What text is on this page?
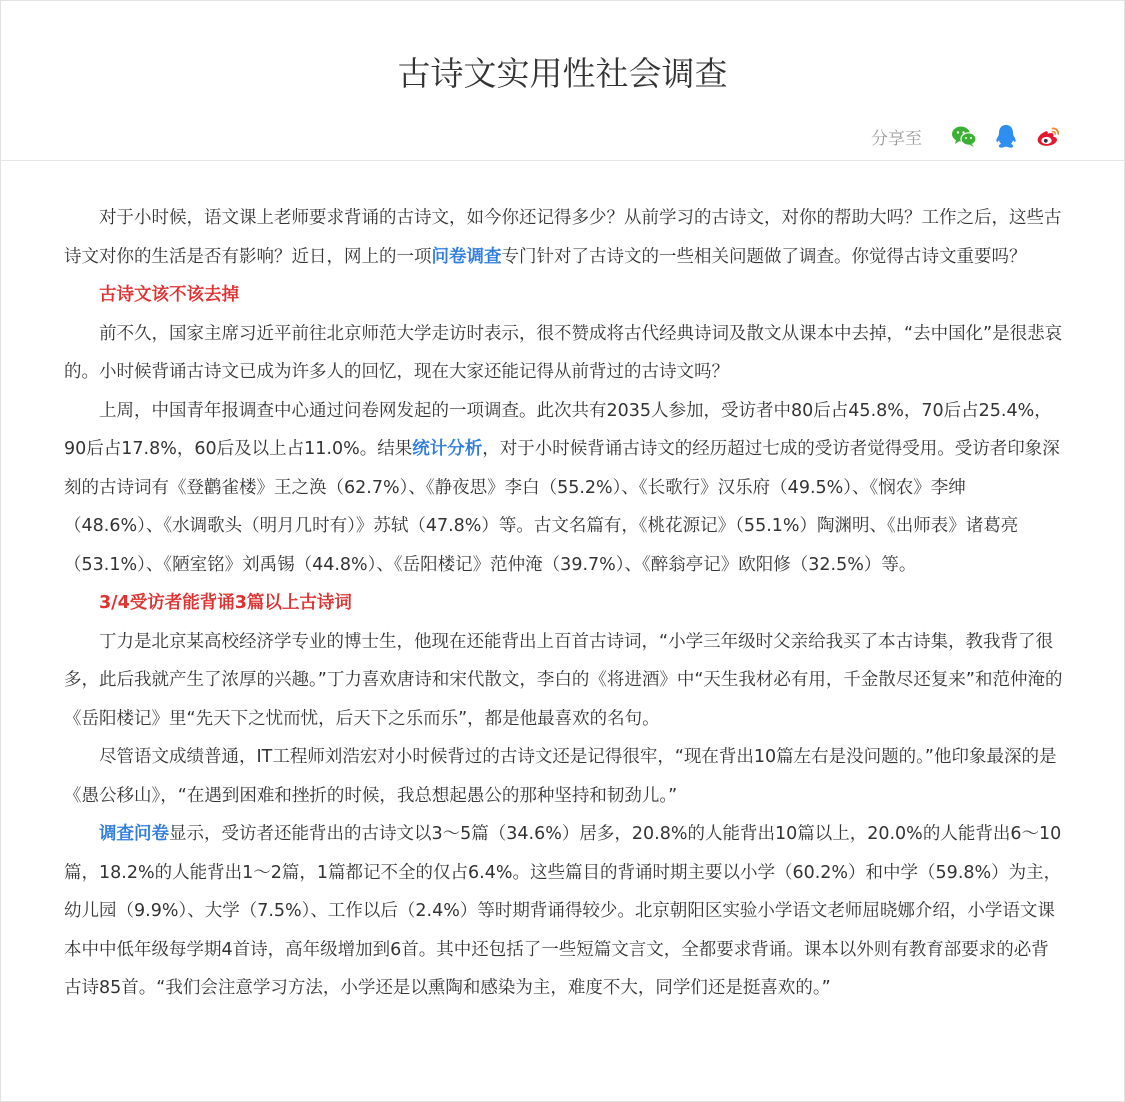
古诗文实用性社会调查
分享至

对于小时候，语文课上老师要求背诵的古诗文，如今你还记得多少？从前学习的古诗文，对你的帮助大吗？工作之后，这些古诗文对你的生活是否有影响？近日，网上的一项问卷调查专门针对了古诗文的一些相关问题做了调查。你觉得古诗文重要吗？

古诗文该不该去掉

前不久，国家主席习近平前往北京师范大学走访时表示，很不赞成将古代经典诗词及散文从课本中去掉，“去中国化”是很悲哀的。小时候背诵古诗文已成为许多人的回忆，现在大家还能记得从前背过的古诗文吗？

上周，中国青年报调查中心通过问卷网发起的一项调查。此次共有2035人参加，受访者中80后占45.8%，70后占25.4%，90后占17.8%，60后及以上占11.0%。结果统计分析，对于小时候背诵古诗文的经历超过七成的受访者觉得受用。受访者印象深刻的古诗词有《登鹳雀楼》王之涣（62.7%）、《静夜思》李白（55.2%）、《长歌行》汉乐府（49.5%）、《悯农》李绅（48.6%）、《水调歌头（明月几时有）》苏轼（47.8%）等。古文名篇有，《桃花源记》（55.1%）陶渊明、《出师表》诸葛亮（53.1%）、《陋室铭》刘禹锡（44.8%）、《岳阳楼记》范仲淹（39.7%）、《醉翁亭记》欧阳修（32.5%）等。

3/4受访者能背诵3篇以上古诗词

丁力是北京某高校经济学专业的博士生，他现在还能背出上百首古诗词，“小学三年级时父亲给我买了本古诗集，教我背了很多，此后我就产生了浓厚的兴趣。”丁力喜欢唐诗和宋代散文，李白的《将进酒》中“天生我材必有用，千金散尽还复来”和范仲淹的《岳阳楼记》里“先天下之忧而忧，后天下之乐而乐”，都是他最喜欢的名句。

尽管语文成绩普通，IT工程师刘浩宏对小时候背过的古诗文还是记得很牢，“现在背出10篇左右是没问题的。”他印象最深的是《愚公移山》，“在遇到困难和挫折的时候，我总想起愚公的那种坚持和韧劲儿。”

调查问卷显示，受访者还能背出的古诗文以3～5篇（34.6%）居多，20.8%的人能背出10篇以上，20.0%的人能背出6～10篇，18.2%的人能背出1～2篇，1篇都记不全的仅占6.4%。这些篇目的背诵时期主要以小学（60.2%）和中学（59.8%）为主，幼儿园（9.9%）、大学（7.5%）、工作以后（2.4%）等时期背诵得较少。北京朝阳区实验小学语文老师屈晓娜介绍，小学语文课本中中低年级每学期4首诗，高年级增加到6首。其中还包括了一些短篇文言文，全都要求背诵。课本以外则有教育部要求的必背古诗85首。“我们会注意学习方法，小学还是以熏陶和感染为主，难度不大，同学们还是挺喜欢的。”
